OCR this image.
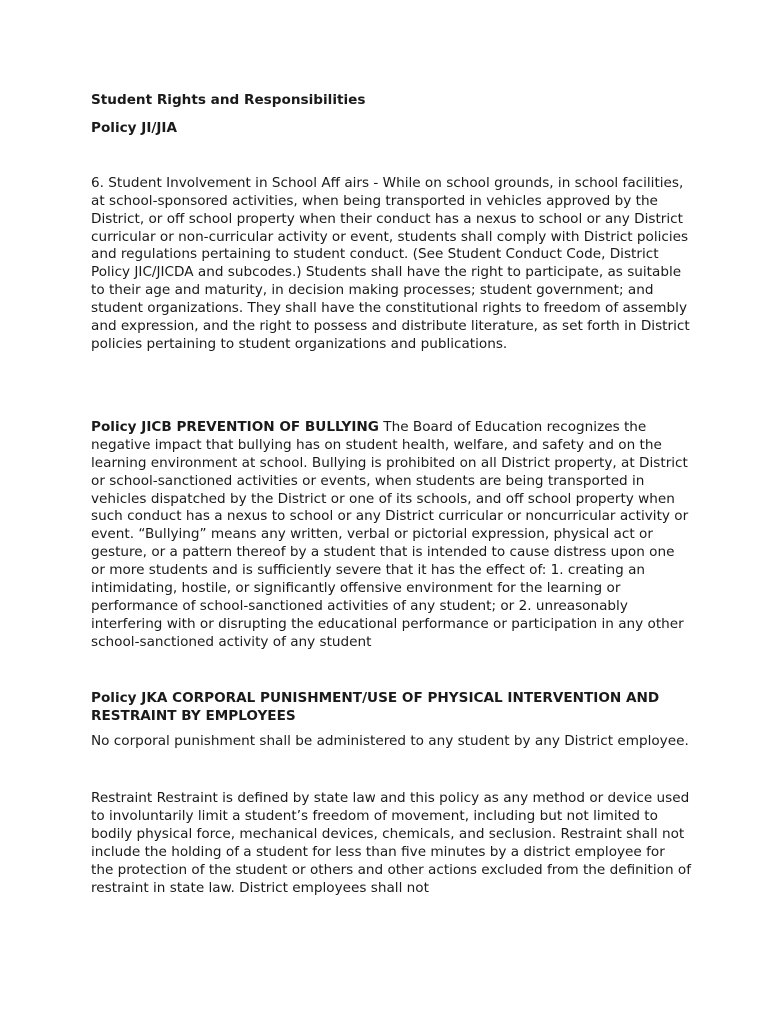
Student Rights and Responsibilities

Policy JI/JIA

6. Student Involvement in School Aff airs - While on school grounds, in school facilities, at school-sponsored activities, when being transported in vehicles approved by the District, or off school property when their conduct has a nexus to school or any District curricular or non-curricular activity or event, students shall comply with District policies and regulations pertaining to student conduct. (See Student Conduct Code, District Policy JIC/JICDA and subcodes.) Students shall have the right to participate, as suitable to their age and maturity, in decision making processes; student government; and student organizations. They shall have the constitutional rights to freedom of assembly and expression, and the right to possess and distribute literature, as set forth in District policies pertaining to student organizations and publications.

Policy JICB PREVENTION OF BULLYING The Board of Education recognizes the negative impact that bullying has on student health, welfare, and safety and on the learning environment at school. Bullying is prohibited on all District property, at District or school-sanctioned activities or events, when students are being transported in vehicles dispatched by the District or one of its schools, and off school property when such conduct has a nexus to school or any District curricular or noncurricular activity or event. “Bullying” means any written, verbal or pictorial expression, physical act or gesture, or a pattern thereof by a student that is intended to cause distress upon one or more students and is sufficiently severe that it has the effect of: 1. creating an intimidating, hostile, or significantly offensive environment for the learning or performance of school-sanctioned activities of any student; or 2. unreasonably interfering with or disrupting the educational performance or participation in any other school-sanctioned activity of any student

Policy JKA CORPORAL PUNISHMENT/USE OF PHYSICAL INTERVENTION AND RESTRAINT BY EMPLOYEES

No corporal punishment shall be administered to any student by any District employee.

Restraint Restraint is defined by state law and this policy as any method or device used to involuntarily limit a student’s freedom of movement, including but not limited to bodily physical force, mechanical devices, chemicals, and seclusion. Restraint shall not include the holding of a student for less than five minutes by a district employee for the protection of the student or others and other actions excluded from the definition of restraint in state law. District employees shall not
